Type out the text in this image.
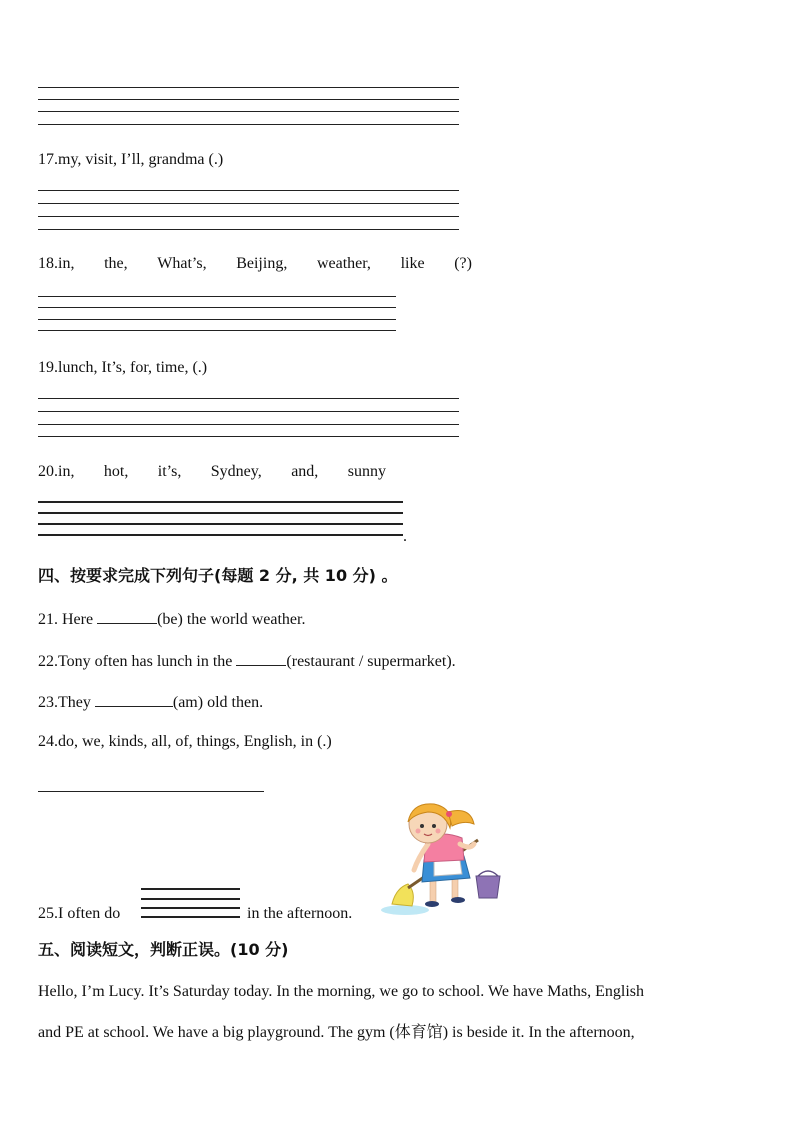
17.my, visit, I’ll, grandma (.)
18.in, the, What’s, Beijing, weather, like (?)
19.lunch, It’s, for, time, (.)
20.in, hot, it’s, Sydney, and, sunny
.
四、按要求完成下列句子(每题 2 分, 共 10 分) 。
21. Here	(be) the world weather.
22.Tony often has lunch in the	(restaurant / supermarket).
23.They	(am) old then.
24.do, we, kinds, all, of, things, English, in (.)
25.I often do	in the afternoon.
五、阅读短文，判断正误。(10 分)
Hello, I’m Lucy. It’s Saturday today. In the morning, we go to school. We have Maths, English
and PE at school. We have a big playground. The gym (体育馆) is beside it. In the afternoon,
